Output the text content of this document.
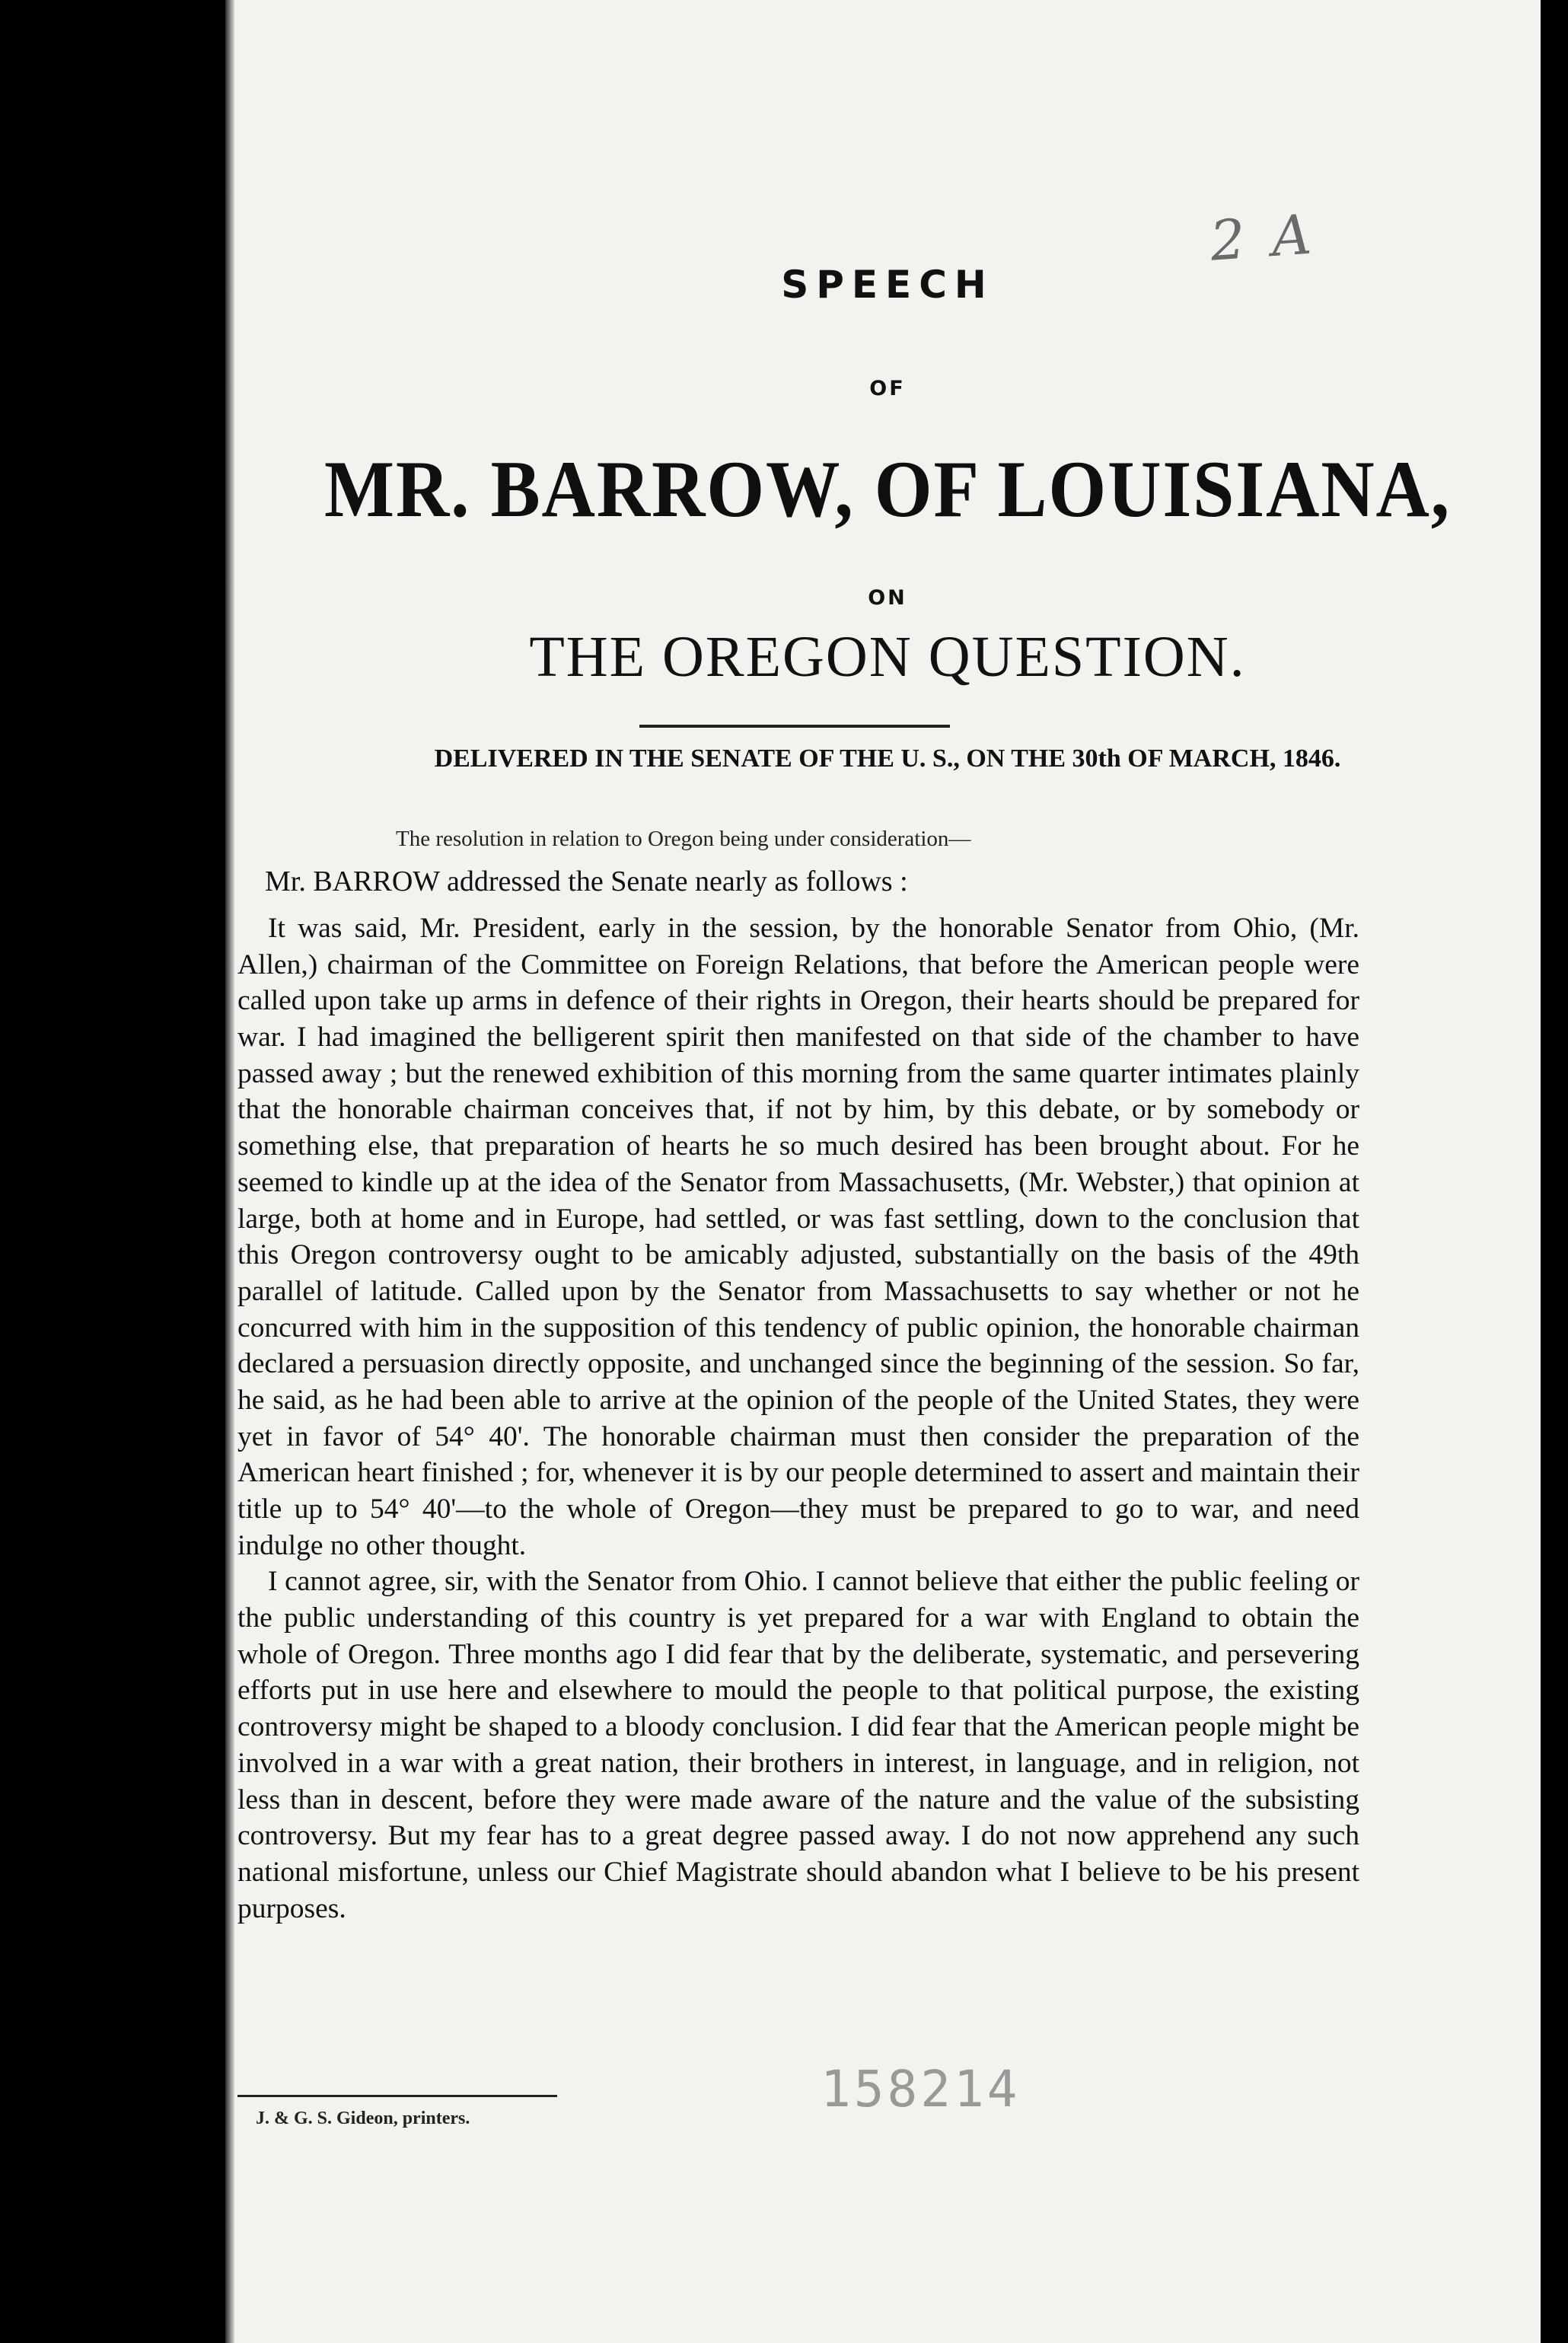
2 A
SPEECH
OF
MR. BARROW, OF LOUISIANA,
ON
THE OREGON QUESTION.
DELIVERED IN THE SENATE OF THE U. S., ON THE 30th OF MARCH, 1846.
The resolution in relation to Oregon being under consideration—
Mr. BARROW addressed the Senate nearly as follows :

It was said, Mr. President, early in the session, by the honorable Senator from Ohio, (Mr. Allen,) chairman of the Committee on Foreign Relations, that before the American people were called upon take up arms in defence of their rights in Oregon, their hearts should be prepared for war. I had imagined the belligerent spirit then manifested on that side of the chamber to have passed away ; but the renewed exhibition of this morning from the same quarter intimates plainly that the honorable chairman conceives that, if not by him, by this debate, or by somebody or something else, that preparation of hearts he so much desired has been brought about. For he seemed to kindle up at the idea of the Senator from Massachusetts, (Mr. Webster,) that opinion at large, both at home and in Europe, had settled, or was fast settling, down to the conclusion that this Oregon controversy ought to be amicably adjusted, substantially on the basis of the 49th parallel of latitude. Called upon by the Senator from Massachusetts to say whether or not he concurred with him in the supposition of this tendency of public opinion, the honorable chairman declared a persuasion directly opposite, and unchanged since the beginning of the session. So far, he said, as he had been able to arrive at the opinion of the people of the United States, they were yet in favor of 54° 40'. The honorable chairman must then consider the preparation of the American heart finished ; for, whenever it is by our people determined to assert and maintain their title up to 54° 40'—to the whole of Oregon—they must be prepared to go to war, and need indulge no other thought.

I cannot agree, sir, with the Senator from Ohio. I cannot believe that either the public feeling or the public understanding of this country is yet prepared for a war with England to obtain the whole of Oregon. Three months ago I did fear that by the deliberate, systematic, and persevering efforts put in use here and elsewhere to mould the people to that political purpose, the existing controversy might be shaped to a bloody conclusion. I did fear that the American people might be involved in a war with a great nation, their brothers in interest, in language, and in religion, not less than in descent, before they were made aware of the nature and the value of the subsisting controversy. But my fear has to a great degree passed away. I do not now apprehend any such national misfortune, unless our Chief Magistrate should abandon what I believe to be his present purposes.

J. & G. S. Gideon, printers.	158214
